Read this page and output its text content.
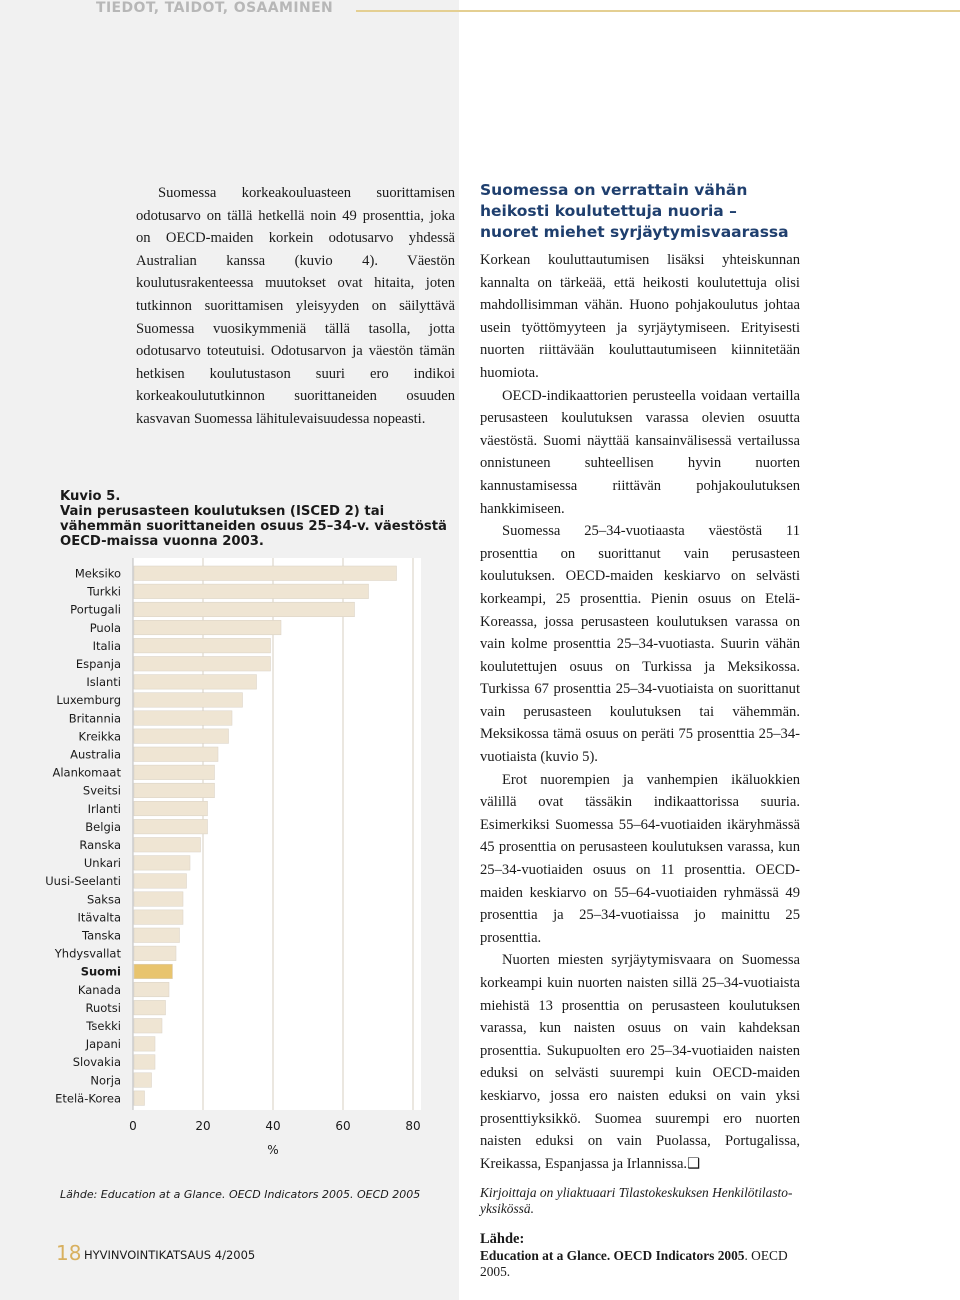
TIEDOT, TAIDOT, OSAAMINEN

Suomessa korkeakouluasteen suorittamisen odotusarvo on tällä hetkellä noin 49 prosenttia, joka on OECD-maiden korkein odotusarvo yhdessä Australian kanssa (kuvio 4). Väestön koulutusrakenteessa muutokset ovat hitaita, joten tutkinnon suorittamisen yleisyyden on säilyttävä Suomessa vuosikymmeniä tällä tasolla, jotta odotusarvo toteutuisi. Odotusarvon ja väestön tämän hetkisen koulutustason suuri ero indikoi korkeakoulututkinnon suorittaneiden osuuden kasvavan Suomessa lähitulevaisuudessa nopeasti.

Suomessa on verrattain vähän heikosti koulutettuja nuoria – nuoret miehet syrjäytymisvaarassa

Korkean kouluttautumisen lisäksi yhteiskunnan kannalta on tärkeää, että heikosti koulutettuja olisi mahdollisimman vähän. Huono pohjakoulutus johtaa usein työttömyyteen ja syrjäytymiseen. Erityisesti nuorten riittävään kouluttautumiseen kiinnitetään huomiota.

OECD-indikaattorien perusteella voidaan vertailla perusasteen koulutuksen varassa olevien osuutta väestöstä. Suomi näyttää kansainvälisessä vertailussa onnistuneen suhteellisen hyvin nuorten kannustamisessa riittävän pohjakoulutuksen hankkimiseen.

Suomessa 25–34-vuotiaasta väestöstä 11 prosenttia on suorittanut vain perusasteen koulutuksen. OECD-maiden keskiarvo on selvästi korkeampi, 25 prosenttia. Pienin osuus on Etelä-Koreassa, jossa perusasteen koulutuksen varassa on vain kolme prosenttia 25–34-vuotiasta. Suurin vähän koulutettujen osuus on Turkissa ja Meksikossa. Turkissa 67 prosenttia 25–34-vuotiaista on suorittanut vain perusasteen koulutuksen tai vähemmän. Meksikossa tämä osuus on peräti 75 prosenttia 25–34-vuotiaista (kuvio 5).

Erot nuorempien ja vanhempien ikäluokkien välillä ovat tässäkin indikaattorissa suuria. Esimerkiksi Suomessa 55–64-vuotiaiden ikäryhmässä 45 prosenttia on perusasteen koulutuksen varassa, kun 25–34-vuotiaiden osuus on 11 prosenttia. OECD-maiden keskiarvo on 55–64-vuotiaiden ryhmässä 49 prosenttia ja 25–34-vuotiaissa jo mainittu 25 prosenttia.

Nuorten miesten syrjäytymisvaara on Suomessa korkeampi kuin nuorten naisten sillä 25–34-vuotiaista miehistä 13 prosenttia on perusasteen koulutuksen varassa, kun naisten osuus on vain kahdeksan prosenttia. Sukupuolten ero 25–34-vuotiaiden naisten eduksi on selvästi suurempi kuin OECD-maiden keskiarvo, jossa ero naisten eduksi on vain yksi prosenttiyksikkö. Suomea suurempi ero nuorten naisten eduksi on vain Puolassa, Portugalissa, Kreikassa, Espanjassa ja Irlannissa.❑

Kirjoittaja on yliaktuaari Tilastokeskuksen Henkilötilasto-yksikössä.

Lähde:
Education at a Glance. OECD Indicators 2005. OECD 2005.
Kuvio 5.
Vain perusasteen koulutuksen (ISCED 2) tai vähemmän suorittaneiden osuus 25–34-v. väestöstä OECD-maissa vuonna 2003.
Meksiko
Turkki
Portugali
Puola
Italia
Espanja
Islanti
Luxemburg
Britannia
Kreikka
Australia
Alankomaat
Sveitsi
Irlanti
Belgia
Ranska
Unkari
Uusi-Seelanti
Saksa
Itävalta
Tanska
Yhdysvallat
Suomi
Kanada
Ruotsi
Tsekki
Japani
Slovakia
Norja
Etelä-Korea
0	20	40	60	80
%
Lähde: Education at a Glance. OECD Indicators 2005. OECD 2005
18 HYVINVOINTIKATSAUS 4/2005
